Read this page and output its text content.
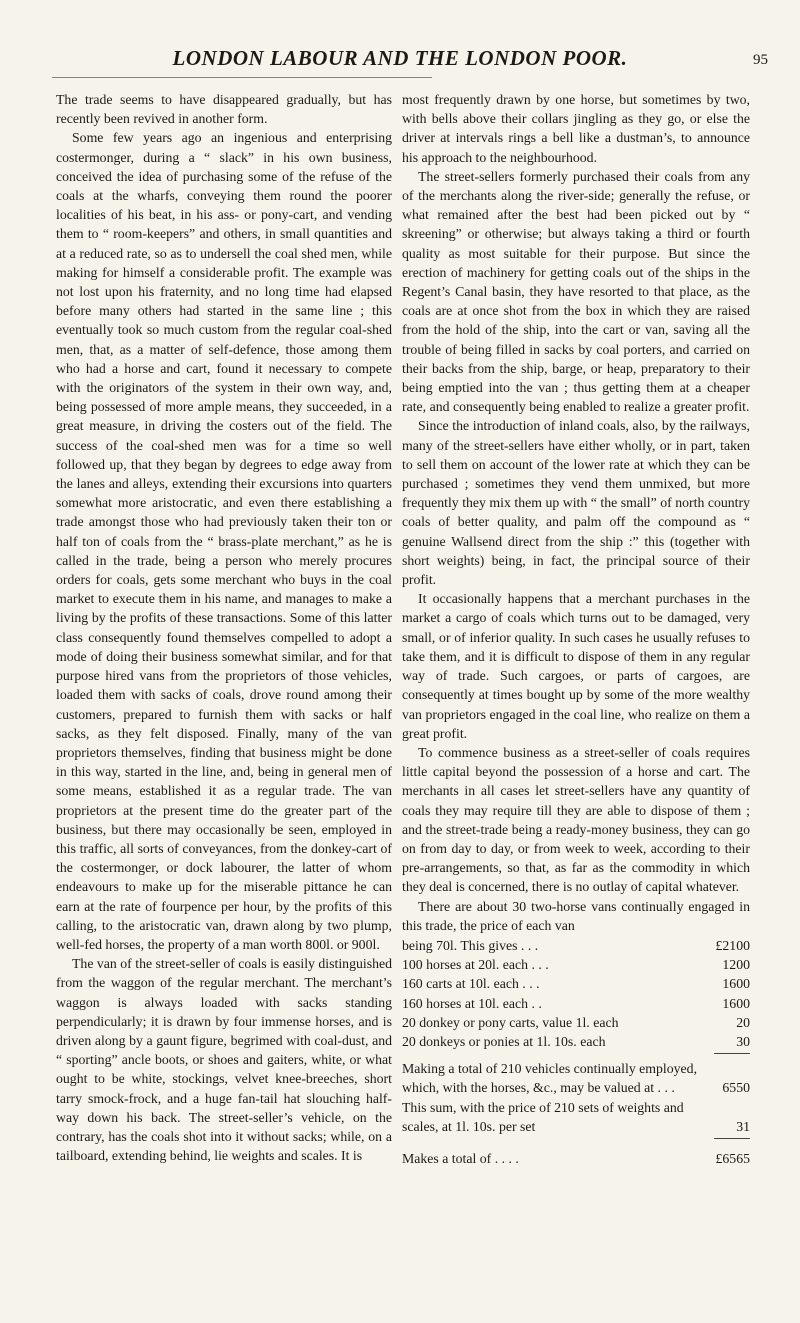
LONDON LABOUR AND THE LONDON POOR.	95

The trade seems to have disappeared gradually, but has recently been revived in another form.

Some few years ago an ingenious and enterprising costermonger, during a “ slack” in his own business, conceived the idea of purchasing some of the refuse of the coals at the wharfs, conveying them round the poorer localities of his beat, in his ass- or pony-cart, and vending them to “ room-keepers” and others, in small quantities and at a reduced rate, so as to undersell the coal shed men, while making for himself a considerable profit. The example was not lost upon his fraternity, and no long time had elapsed before many others had started in the same line ; this eventually took so much custom from the regular coal-shed men, that, as a matter of self-defence, those among them who had a horse and cart, found it necessary to compete with the originators of the system in their own way, and, being possessed of more ample means, they succeeded, in a great measure, in driving the costers out of the field. The success of the coal-shed men was for a time so well followed up, that they began by degrees to edge away from the lanes and alleys, extending their excursions into quarters somewhat more aristocratic, and even there establishing a trade amongst those who had previously taken their ton or half ton of coals from the “ brass-plate merchant,” as he is called in the trade, being a person who merely procures orders for coals, gets some merchant who buys in the coal market to execute them in his name, and manages to make a living by the profits of these transactions. Some of this latter class consequently found themselves compelled to adopt a mode of doing their business somewhat similar, and for that purpose hired vans from the proprietors of those vehicles, loaded them with sacks of coals, drove round among their customers, prepared to furnish them with sacks or half sacks, as they felt disposed. Finally, many of the van proprietors themselves, finding that business might be done in this way, started in the line, and, being in general men of some means, established it as a regular trade. The van proprietors at the present time do the greater part of the business, but there may occasionally be seen, employed in this traffic, all sorts of conveyances, from the donkey-cart of the costermonger, or dock labourer, the latter of whom endeavours to make up for the miserable pittance he can earn at the rate of fourpence per hour, by the profits of this calling, to the aristocratic van, drawn along by two plump, well-fed horses, the property of a man worth 800l. or 900l.

The van of the street-seller of coals is easily distinguished from the waggon of the regular merchant. The merchant’s waggon is always loaded with sacks standing perpendicularly; it is drawn by four immense horses, and is driven along by a gaunt figure, begrimed with coal-dust, and “ sporting” ancle boots, or shoes and gaiters, white, or what ought to be white, stockings, velvet knee-breeches, short tarry smock-frock, and a huge fan-tail hat slouching half-way down his back. The street-seller’s vehicle, on the contrary, has the coals shot into it without sacks; while, on a tailboard, extending behind, lie weights and scales. It is

most frequently drawn by one horse, but sometimes by two, with bells above their collars jingling as they go, or else the driver at intervals rings a bell like a dustman’s, to announce his approach to the neighbourhood.

The street-sellers formerly purchased their coals from any of the merchants along the river-side; generally the refuse, or what remained after the best had been picked out by “ skreening” or otherwise; but always taking a third or fourth quality as most suitable for their purpose. But since the erection of machinery for getting coals out of the ships in the Regent’s Canal basin, they have resorted to that place, as the coals are at once shot from the box in which they are raised from the hold of the ship, into the cart or van, saving all the trouble of being filled in sacks by coal porters, and carried on their backs from the ship, barge, or heap, preparatory to their being emptied into the van ; thus getting them at a cheaper rate, and consequently being enabled to realize a greater profit.

Since the introduction of inland coals, also, by the railways, many of the street-sellers have either wholly, or in part, taken to sell them on account of the lower rate at which they can be purchased ; sometimes they vend them unmixed, but more frequently they mix them up with “ the small” of north country coals of better quality, and palm off the compound as “ genuine Wallsend direct from the ship :” this (together with short weights) being, in fact, the principal source of their profit.

It occasionally happens that a merchant purchases in the market a cargo of coals which turns out to be damaged, very small, or of inferior quality. In such cases he usually refuses to take them, and it is difficult to dispose of them in any regular way of trade. Such cargoes, or parts of cargoes, are consequently at times bought up by some of the more wealthy van proprietors engaged in the coal line, who realize on them a great profit.

To commence business as a street-seller of coals requires little capital beyond the possession of a horse and cart. The merchants in all cases let street-sellers have any quantity of coals they may require till they are able to dispose of them ; and the street-trade being a ready-money business, they can go on from day to day, or from week to week, according to their pre-arrangements, so that, as far as the commodity in which they deal is concerned, there is no outlay of capital whatever.

There are about 30 two-horse vans continually engaged in this trade, the price of each van

being 70l. This gives . . .	£2100
100 horses at 20l. each . . .	1200
160 carts at 10l. each . . .	1600
160 horses at 10l. each . .	1600
20 donkey or pony carts, value 1l. each	20
20 donkeys or ponies at 1l. 10s. each	30
Making a total of 210 vehicles continually employed, which, with the horses, &c., may be valued at . . .	6550
This sum, with the price of 210 sets of weights and scales, at 1l. 10s. per set	31
Makes a total of . . . .	£6565
